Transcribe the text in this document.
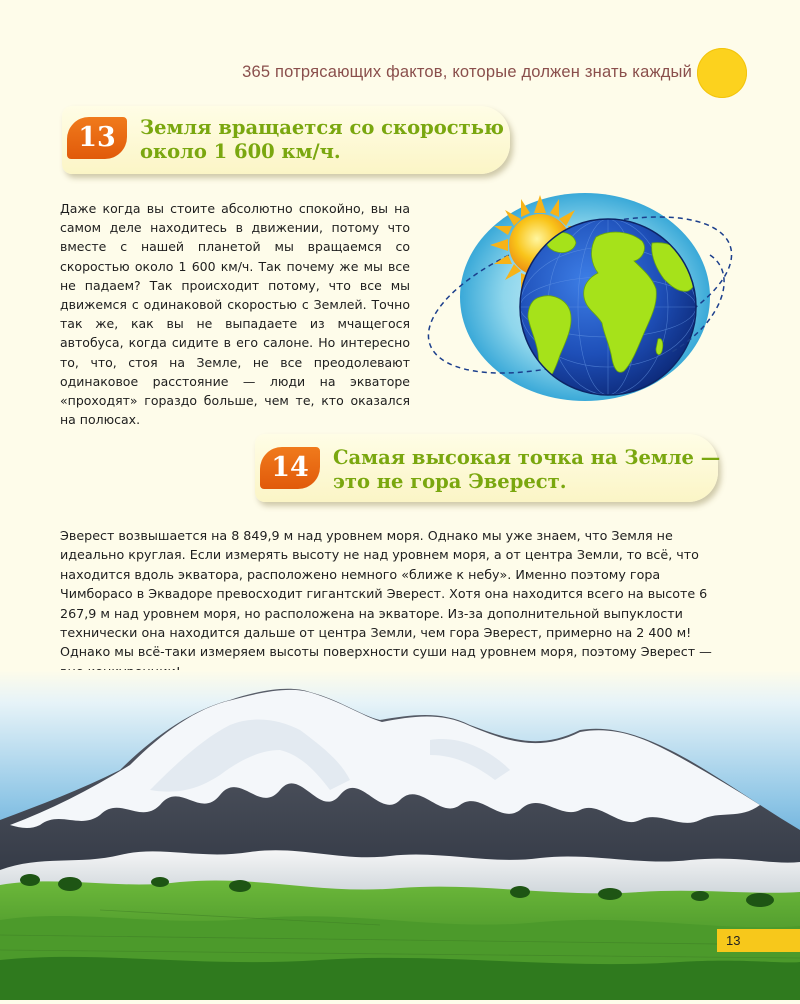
365 потрясающих фактов, которые должен знать каждый
13	Земля вращается со скоростью
около 1 600 км/ч.

Даже когда вы стоите абсолютно спокойно, вы на самом деле находитесь в движении, потому что вместе с нашей планетой мы вращаемся со скоростью около 1 600 км/ч. Так почему же мы все не падаем? Так происходит потому, что все мы движемся с одинаковой скоростью с Землей. Точно так же, как вы не выпадаете из мчащегося автобуса, когда сидите в его салоне. Но интересно то, что, стоя на Земле, не все преодолевают одинаковое расстояние — люди на экваторе «проходят» гораздо больше, чем те, кто оказался на полюсах.

14	Самая высокая точка на Земле —
это не гора Эверест.

Эверест возвышается на 8 849,9 м над уровнем моря. Однако мы уже знаем, что Земля не идеально круглая. Если измерять высоту не над уровнем моря, а от центра Земли, то всё, что находится вдоль экватора, расположено немного «ближе к небу». Именно поэтому гора Чимборасо в Эквадоре превосходит гигантский Эверест. Хотя она находится всего на высоте 6 267,9 м над уровнем моря, но расположена на экваторе. Из-за дополнительной выпуклости технически она находится дальше от центра Земли, чем гора Эверест, примерно на 2 400 м! Однако мы всё-таки измеряем высоты поверхности суши над уровнем моря, поэтому Эверест —

13
